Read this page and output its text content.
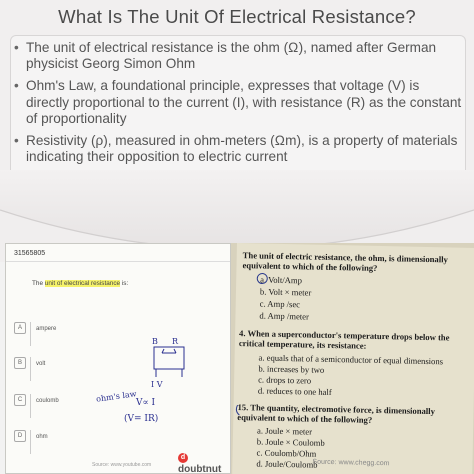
What Is The Unit Of Electrical Resistance?
• The unit of electrical resistance is the ohm (Ω), named after German physicist Georg Simon Ohm
• Ohm's Law, a foundational principle, expresses that voltage (V) is directly proportional to the current (I), with resistance (R) as the constant of proportionality
• Resistivity (ρ), measured in ohm-meters (Ωm), is a property of materials indicating their opposition to electric current
•
31565805
The unit of electrical resistance is:
A	ampere
B	volt
C	coulomb
D	ohm
B R
I V
ohm's law
V∝ I
(V= IR)
Source: www.youtube.com
ddoubtnut
The unit of electric resistance, the ohm, is dimensionally equivalent to which of the following?
a. Volt/Amp
b. Volt × meter
c. Amp /sec
d. Amp /meter
4. When a superconductor's temperature drops below the critical temperature, its resistance:
a. equals that of a semiconductor of equal dimensions
b. increases by two
c. drops to zero
d. reduces to one half
15. The quantity, electromotive force, is dimensionally equivalent to which of the following?
a. Joule × meter
b. Joule × Coulomb
c. Coulomb/Ohm
d. Joule/Coulomb
Source: www.chegg.com
